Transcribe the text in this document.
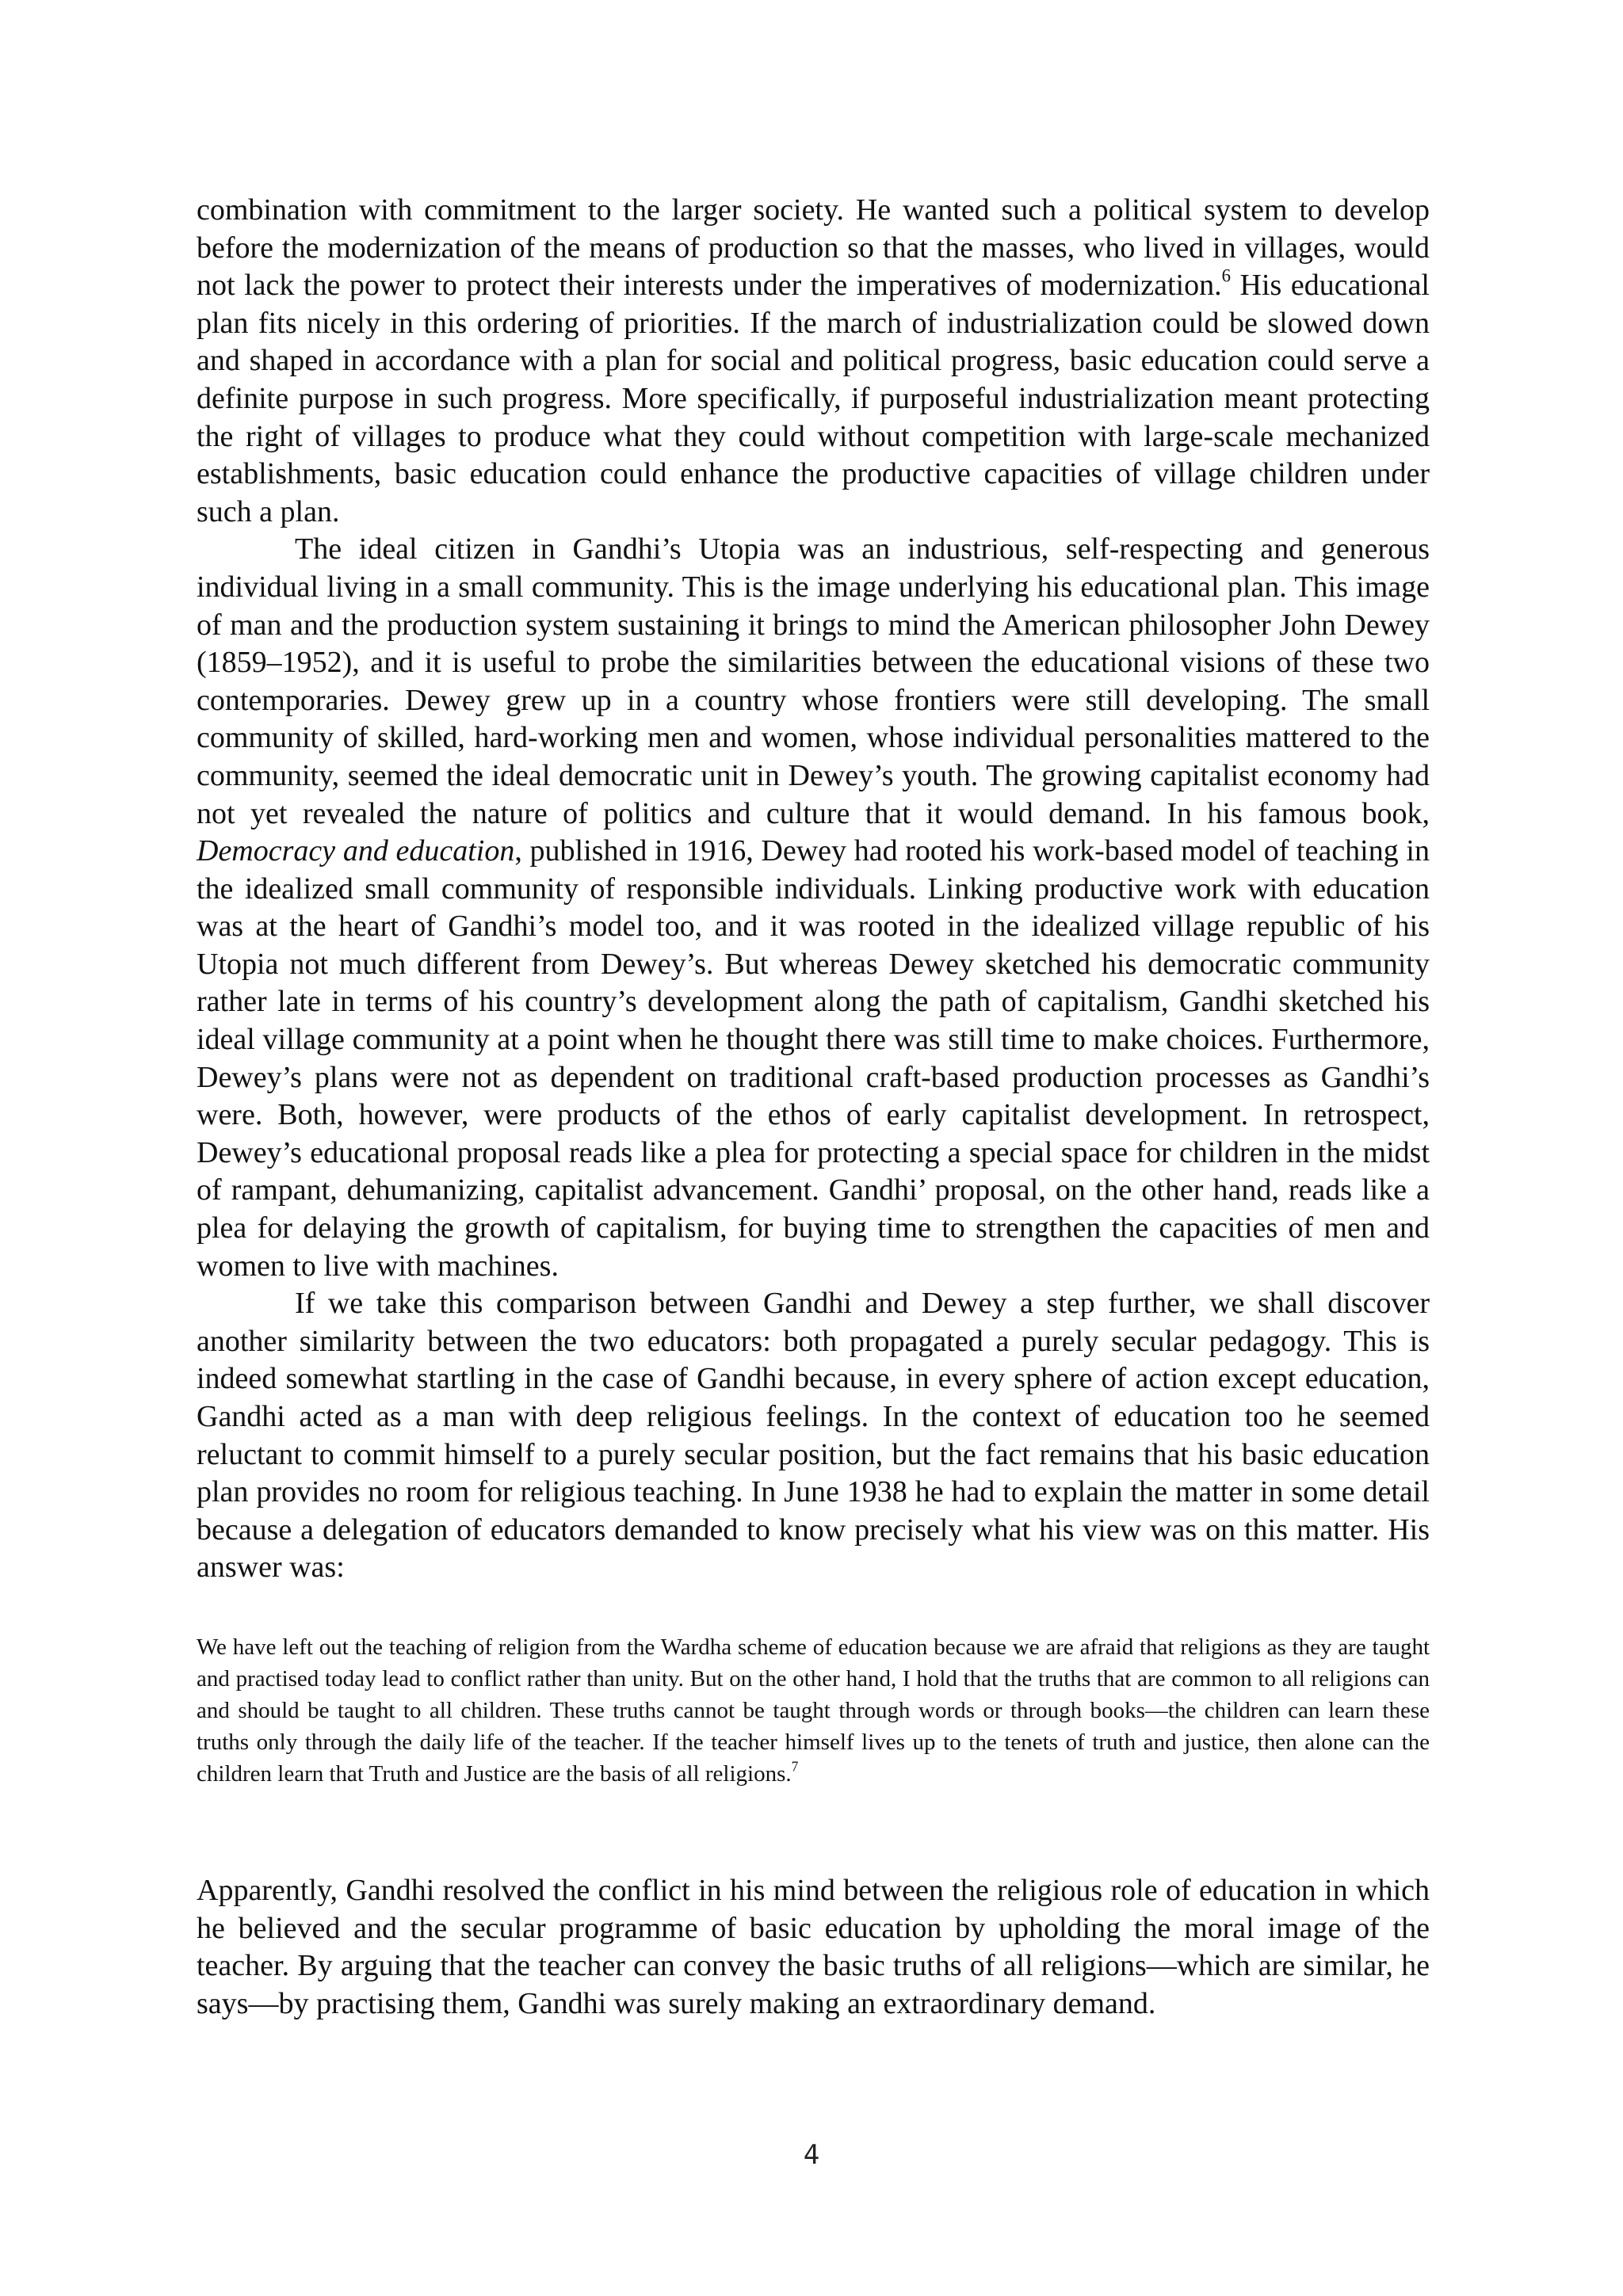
combination with commitment to the larger society. He wanted such a political system to develop before the modernization of the means of production so that the masses, who lived in villages, would not lack the power to protect their interests under the imperatives of modernization.$^6$ His educational plan fits nicely in this ordering of priorities. If the march of industrialization could be slowed down and shaped in accordance with a plan for social and political progress, basic education could serve a definite purpose in such progress. More specifically, if purposeful industrialization meant protecting the right of villages to produce what they could without competition with large-scale mechanized establishments, basic education could enhance the productive capacities of village children under such a plan.

The ideal citizen in Gandhi’s Utopia was an industrious, self-respecting and generous individual living in a small community. This is the image underlying his educational plan. This image of man and the production system sustaining it brings to mind the American philosopher John Dewey (1859–1952), and it is useful to probe the similarities between the educational visions of these two contemporaries. Dewey grew up in a country whose frontiers were still developing. The small community of skilled, hard-working men and women, whose individual personalities mattered to the community, seemed the ideal democratic unit in Dewey’s youth. The growing capitalist economy had not yet revealed the nature of politics and culture that it would demand. In his famous book, Democracy and education, published in 1916, Dewey had rooted his work-based model of teaching in the idealized small community of responsible individuals. Linking productive work with education was at the heart of Gandhi’s model too, and it was rooted in the idealized village republic of his Utopia not much different from Dewey’s. But whereas Dewey sketched his democratic community rather late in terms of his country’s development along the path of capitalism, Gandhi sketched his ideal village community at a point when he thought there was still time to make choices. Furthermore, Dewey’s plans were not as dependent on traditional craft-based production processes as Gandhi’s were. Both, however, were products of the ethos of early capitalist development. In retrospect, Dewey’s educational proposal reads like a plea for protecting a special space for children in the midst of rampant, dehumanizing, capitalist advancement. Gandhi’ proposal, on the other hand, reads like a plea for delaying the growth of capitalism, for buying time to strengthen the capacities of men and women to live with machines.

If we take this comparison between Gandhi and Dewey a step further, we shall discover another similarity between the two educators: both propagated a purely secular pedagogy. This is indeed somewhat startling in the case of Gandhi because, in every sphere of action except education, Gandhi acted as a man with deep religious feelings. In the context of education too he seemed reluctant to commit himself to a purely secular position, but the fact remains that his basic education plan provides no room for religious teaching. In June 1938 he had to explain the matter in some detail because a delegation of educators demanded to know precisely what his view was on this matter. His answer was:

We have left out the teaching of religion from the Wardha scheme of education because we are afraid that religions as they are taught and practised today lead to conflict rather than unity. But on the other hand, I hold that the truths that are common to all religions can and should be taught to all children. These truths cannot be taught through words or through books—the children can learn these truths only through the daily life of the teacher. If the teacher himself lives up to the tenets of truth and justice, then alone can the children learn that Truth and Justice are the basis of all religions.$^7$

Apparently, Gandhi resolved the conflict in his mind between the religious role of education in which he believed and the secular programme of basic education by upholding the moral image of the teacher. By arguing that the teacher can convey the basic truths of all religions—which are similar, he says—by practising them, Gandhi was surely making an extraordinary demand.

4
